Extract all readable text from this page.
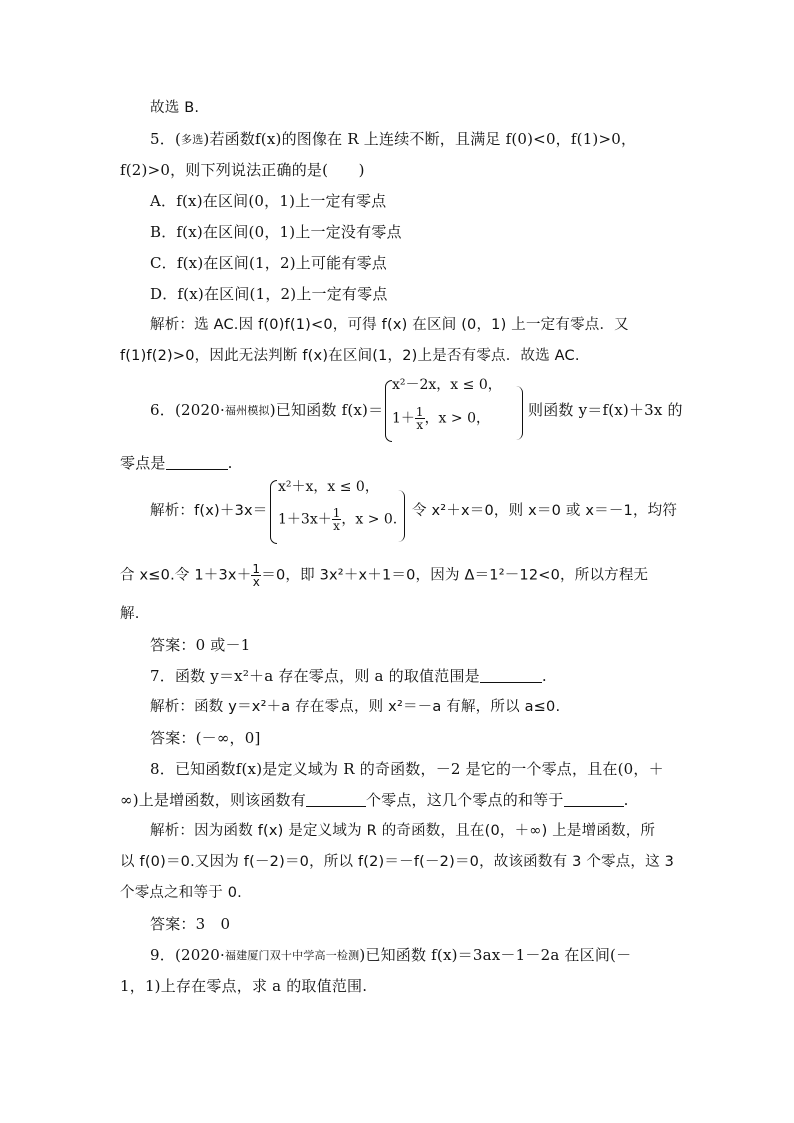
故选 B.
5．(多选)若函数f(x)的图像在 R 上连续不断，且满足 f(0)<0，f(1)>0，
f(2)>0，则下列说法正确的是(　　)
A．f(x)在区间(0，1)上一定有零点
B．f(x)在区间(0，1)上一定没有零点
C．f(x)在区间(1，2)上可能有零点
D．f(x)在区间(1，2)上一定有零点
解析：选 AC.因 f(0)f(1)<0，可得 f(x) 在区间 (0，1) 上一定有零点．又
f(1)f(2)>0，因此无法判断 f(x)在区间(1，2)上是否有零点．故选 AC.
6．(2020·福州模拟)已知函数 f(x)＝
x²－2x，x ≤ 0，
$1+ \frac{1}{x}$ ，x > 0，	则函数 y＝f(x)＋3x 的
零点是	.
解析：f(x)＋3x＝
x²＋x，x ≤ 0，
$1+3x+ \frac{1}{x}$ ，x > 0.
令 x²＋x＝0，则 x＝0 或 x＝－1，均符
合 x≤0.令 $1+3x+ \frac{1}{x} =0$，即 3x²＋x＋1＝0，因为 Δ＝1²－12<0，所以方程无
解.
答案：0 或－1
7．函数 y＝x²＋a 存在零点，则 a 的取值范围是	.
解析：函数 y＝x²＋a 存在零点，则 x²＝－a 有解，所以 a≤0.
答案：(－∞，0]
8．已知函数f(x)是定义域为 R 的奇函数，－2 是它的一个零点，且在(0，＋
∞)上是增函数，则该函数有	个零点，这几个零点的和等于	.
解析：因为函数 f(x) 是定义域为 R 的奇函数，且在(0，＋∞) 上是增函数，所
以 f(0)＝0.又因为 f(－2)＝0，所以 f(2)＝－f(－2)＝0，故该函数有 3 个零点，这 3
个零点之和等于 0.
答案：3　0
9．(2020·福建厦门双十中学高一检测)已知函数 f(x)＝3ax－1－2a 在区间(－
1，1)上存在零点，求 a 的取值范围.
